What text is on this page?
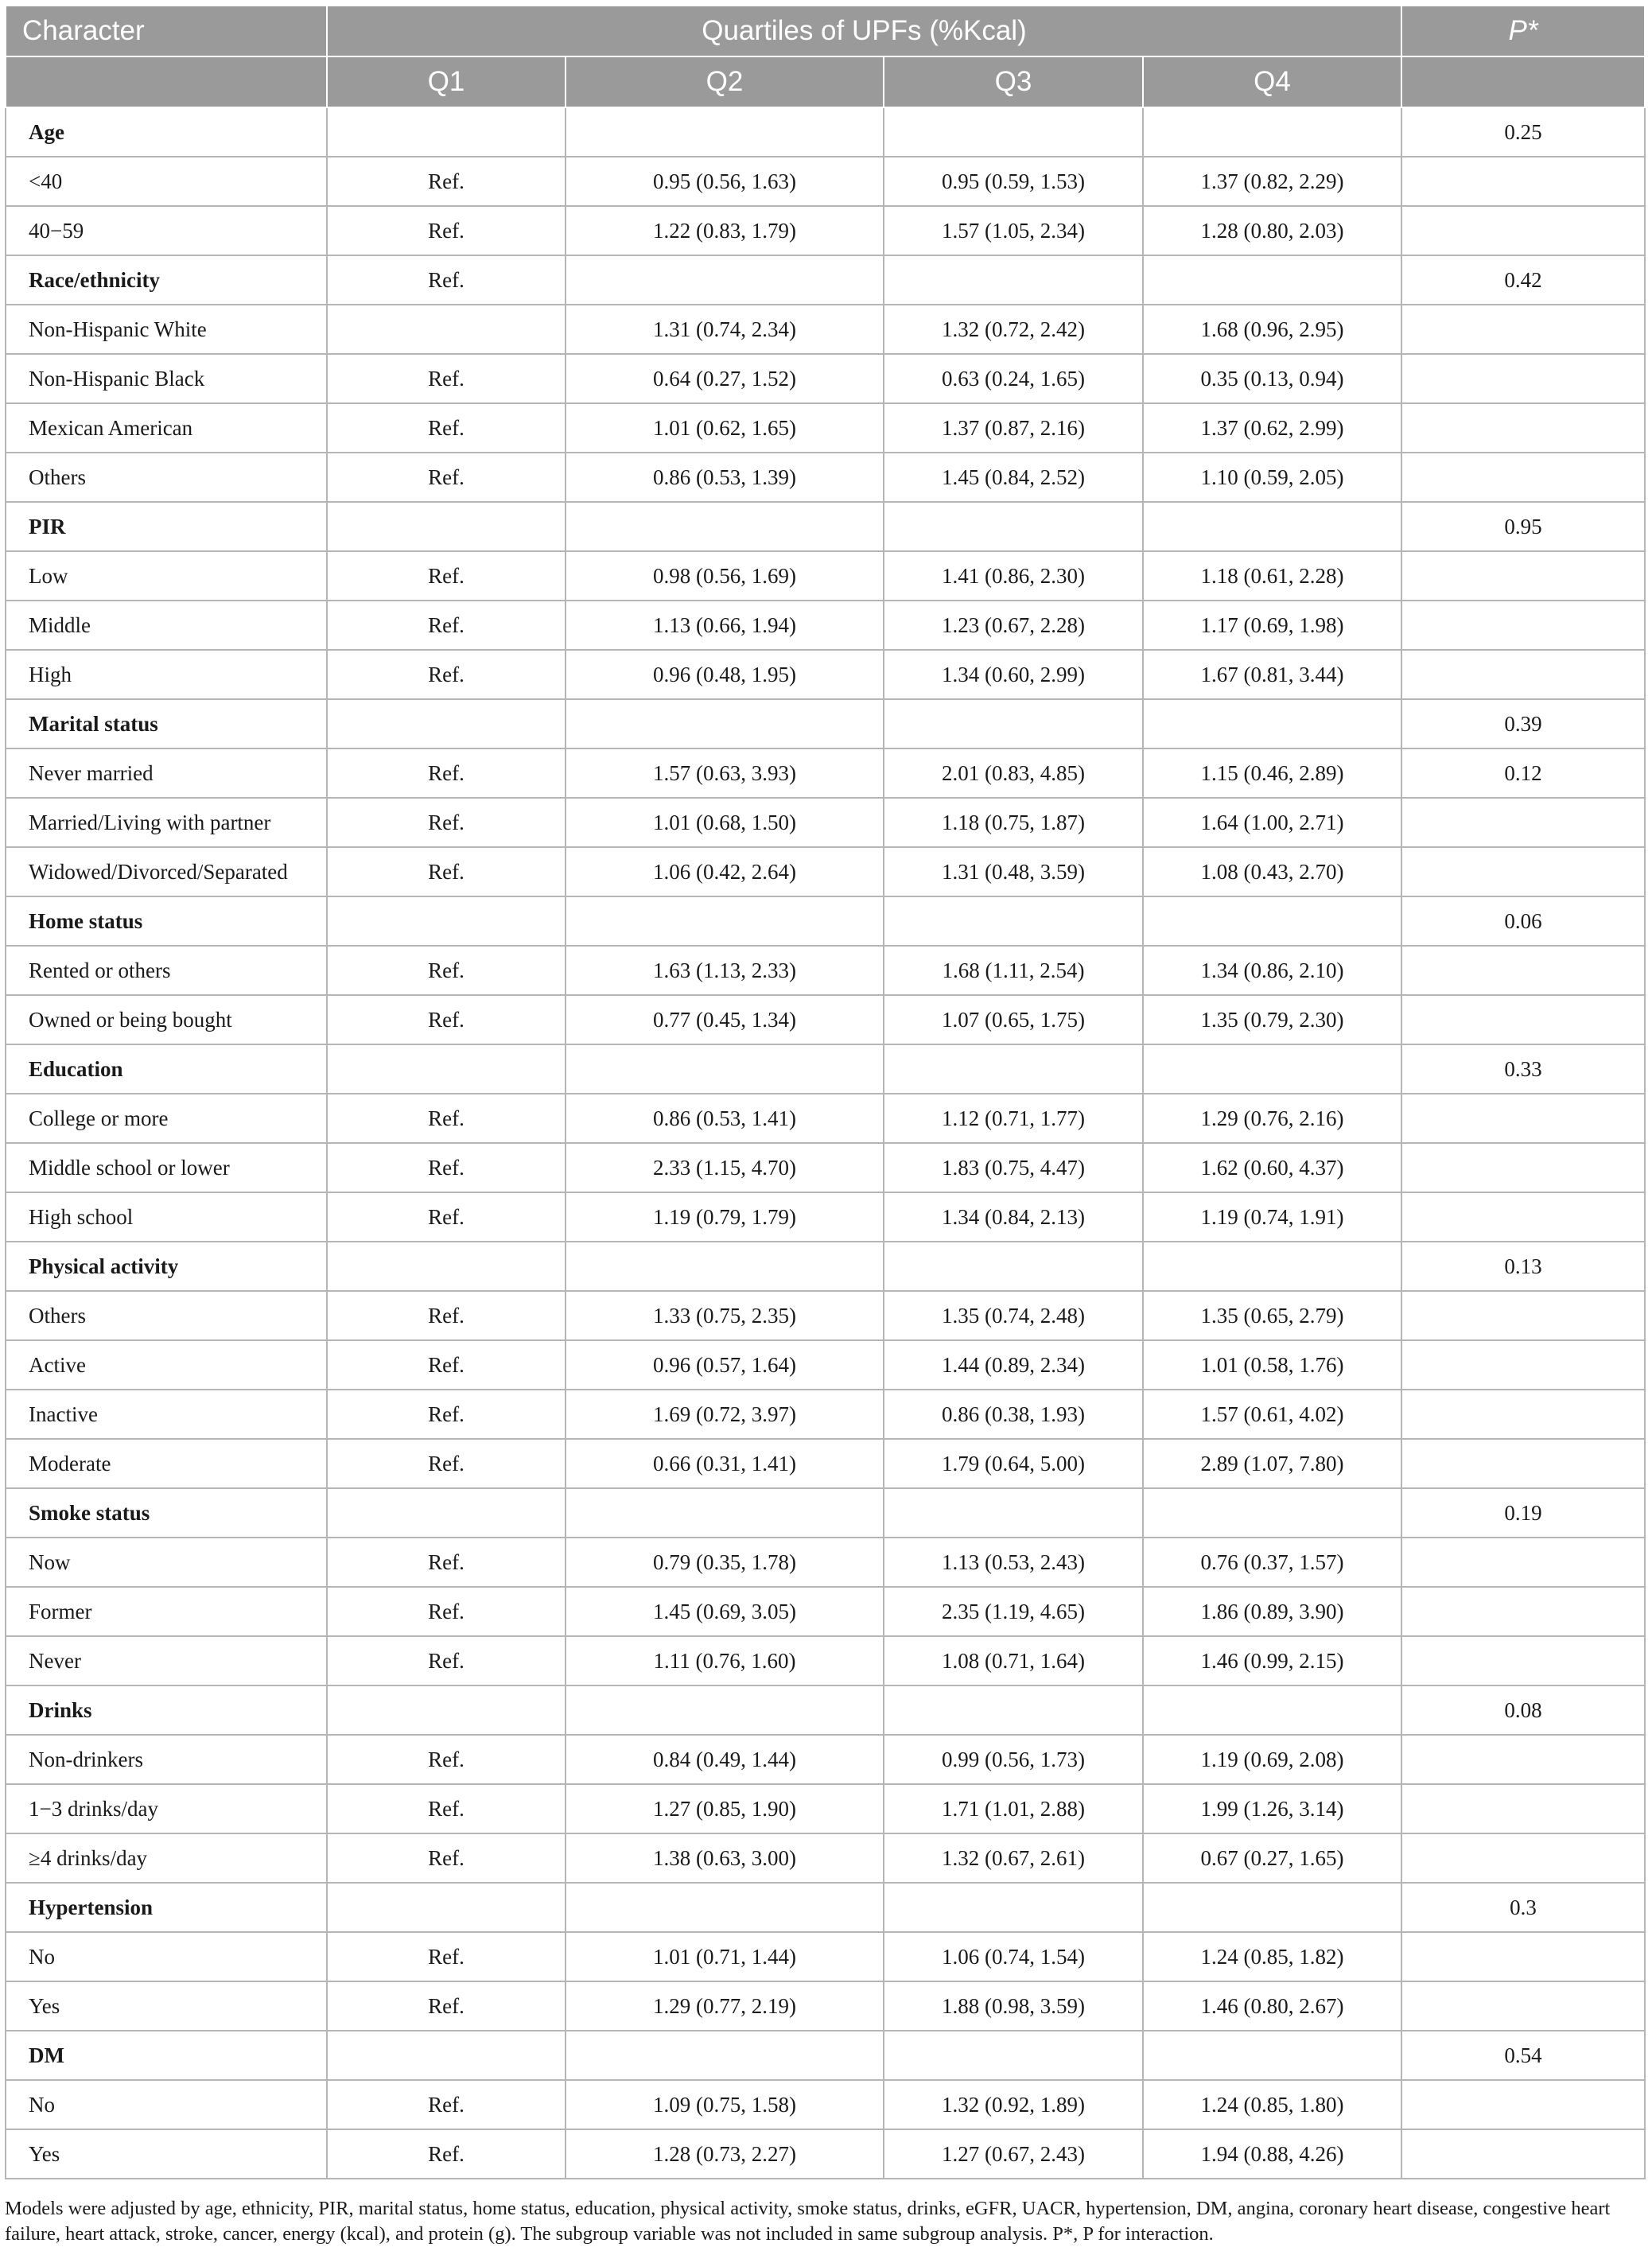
Character	Quartiles of UPFs (%Kcal)				P*
	Q1	Q2	Q3	Q4	
Age					0.25
<40	Ref.	0.95 (0.56, 1.63)	0.95 (0.59, 1.53)	1.37 (0.82, 2.29)	
40−59	Ref.	1.22 (0.83, 1.79)	1.57 (1.05, 2.34)	1.28 (0.80, 2.03)	
Race/ethnicity	Ref.				0.42
Non-Hispanic White		1.31 (0.74, 2.34)	1.32 (0.72, 2.42)	1.68 (0.96, 2.95)	
Non-Hispanic Black	Ref.	0.64 (0.27, 1.52)	0.63 (0.24, 1.65)	0.35 (0.13, 0.94)	
Mexican American	Ref.	1.01 (0.62, 1.65)	1.37 (0.87, 2.16)	1.37 (0.62, 2.99)	
Others	Ref.	0.86 (0.53, 1.39)	1.45 (0.84, 2.52)	1.10 (0.59, 2.05)	
PIR					0.95
Low	Ref.	0.98 (0.56, 1.69)	1.41 (0.86, 2.30)	1.18 (0.61, 2.28)	
Middle	Ref.	1.13 (0.66, 1.94)	1.23 (0.67, 2.28)	1.17 (0.69, 1.98)	
High	Ref.	0.96 (0.48, 1.95)	1.34 (0.60, 2.99)	1.67 (0.81, 3.44)	
Marital status					0.39
Never married	Ref.	1.57 (0.63, 3.93)	2.01 (0.83, 4.85)	1.15 (0.46, 2.89)	0.12
Married/Living with partner	Ref.	1.01 (0.68, 1.50)	1.18 (0.75, 1.87)	1.64 (1.00, 2.71)	
Widowed/Divorced/Separated	Ref.	1.06 (0.42, 2.64)	1.31 (0.48, 3.59)	1.08 (0.43, 2.70)	
Home status					0.06
Rented or others	Ref.	1.63 (1.13, 2.33)	1.68 (1.11, 2.54)	1.34 (0.86, 2.10)	
Owned or being bought	Ref.	0.77 (0.45, 1.34)	1.07 (0.65, 1.75)	1.35 (0.79, 2.30)	
Education					0.33
College or more	Ref.	0.86 (0.53, 1.41)	1.12 (0.71, 1.77)	1.29 (0.76, 2.16)	
Middle school or lower	Ref.	2.33 (1.15, 4.70)	1.83 (0.75, 4.47)	1.62 (0.60, 4.37)	
High school	Ref.	1.19 (0.79, 1.79)	1.34 (0.84, 2.13)	1.19 (0.74, 1.91)	
Physical activity					0.13
Others	Ref.	1.33 (0.75, 2.35)	1.35 (0.74, 2.48)	1.35 (0.65, 2.79)	
Active	Ref.	0.96 (0.57, 1.64)	1.44 (0.89, 2.34)	1.01 (0.58, 1.76)	
Inactive	Ref.	1.69 (0.72, 3.97)	0.86 (0.38, 1.93)	1.57 (0.61, 4.02)	
Moderate	Ref.	0.66 (0.31, 1.41)	1.79 (0.64, 5.00)	2.89 (1.07, 7.80)	
Smoke status					0.19
Now	Ref.	0.79 (0.35, 1.78)	1.13 (0.53, 2.43)	0.76 (0.37, 1.57)	
Former	Ref.	1.45 (0.69, 3.05)	2.35 (1.19, 4.65)	1.86 (0.89, 3.90)	
Never	Ref.	1.11 (0.76, 1.60)	1.08 (0.71, 1.64)	1.46 (0.99, 2.15)	
Drinks					0.08
Non-drinkers	Ref.	0.84 (0.49, 1.44)	0.99 (0.56, 1.73)	1.19 (0.69, 2.08)	
1−3 drinks/day	Ref.	1.27 (0.85, 1.90)	1.71 (1.01, 2.88)	1.99 (1.26, 3.14)	
≥4 drinks/day	Ref.	1.38 (0.63, 3.00)	1.32 (0.67, 2.61)	0.67 (0.27, 1.65)	
Hypertension					0.3
No	Ref.	1.01 (0.71, 1.44)	1.06 (0.74, 1.54)	1.24 (0.85, 1.82)	
Yes	Ref.	1.29 (0.77, 2.19)	1.88 (0.98, 3.59)	1.46 (0.80, 2.67)	
DM					0.54
No	Ref.	1.09 (0.75, 1.58)	1.32 (0.92, 1.89)	1.24 (0.85, 1.80)	
Yes	Ref.	1.28 (0.73, 2.27)	1.27 (0.67, 2.43)	1.94 (0.88, 4.26)	
Models were adjusted by age, ethnicity, PIR, marital status, home status, education, physical activity, smoke status, drinks, eGFR, UACR, hypertension, DM, angina, coronary heart disease, congestive heart failure, heart attack, stroke, cancer, energy (kcal), and protein (g). The subgroup variable was not included in same subgroup analysis. P*, P for interaction.
